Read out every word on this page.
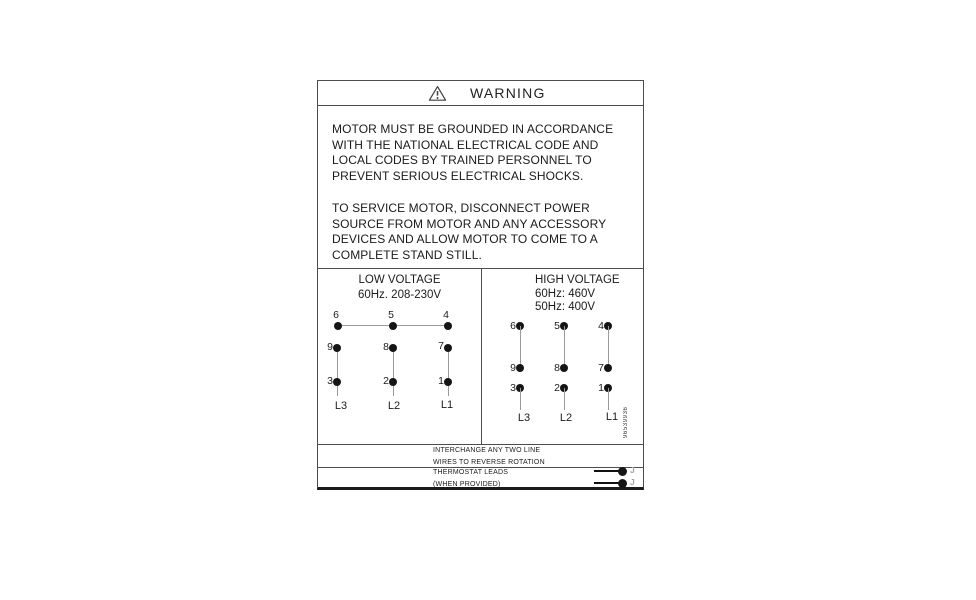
WARNING
MOTOR MUST BE GROUNDED IN ACCORDANCE
WITH THE NATIONAL ELECTRICAL CODE AND
LOCAL CODES BY TRAINED PERSONNEL TO
PREVENT SERIOUS ELECTRICAL SHOCKS.
TO SERVICE MOTOR, DISCONNECT POWER
SOURCE FROM MOTOR AND ANY ACCESSORY
DEVICES AND ALLOW MOTOR TO COME TO A
COMPLETE STAND STILL.
LOW VOLTAGE
60Hz. 208-230V
6	5	4
9	8	7
3	2	1
L3	L2	L1
HIGH VOLTAGE
60Hz: 460V
50Hz: 400V
6	5	4
9	8	7
3	2	1
L3	L2	L1 96539936
INTERCHANGE ANY TWO LINE
WIRES TO REVERSE ROTATION
THERMOSTAT LEADS
(WHEN PROVIDED)
J
J
